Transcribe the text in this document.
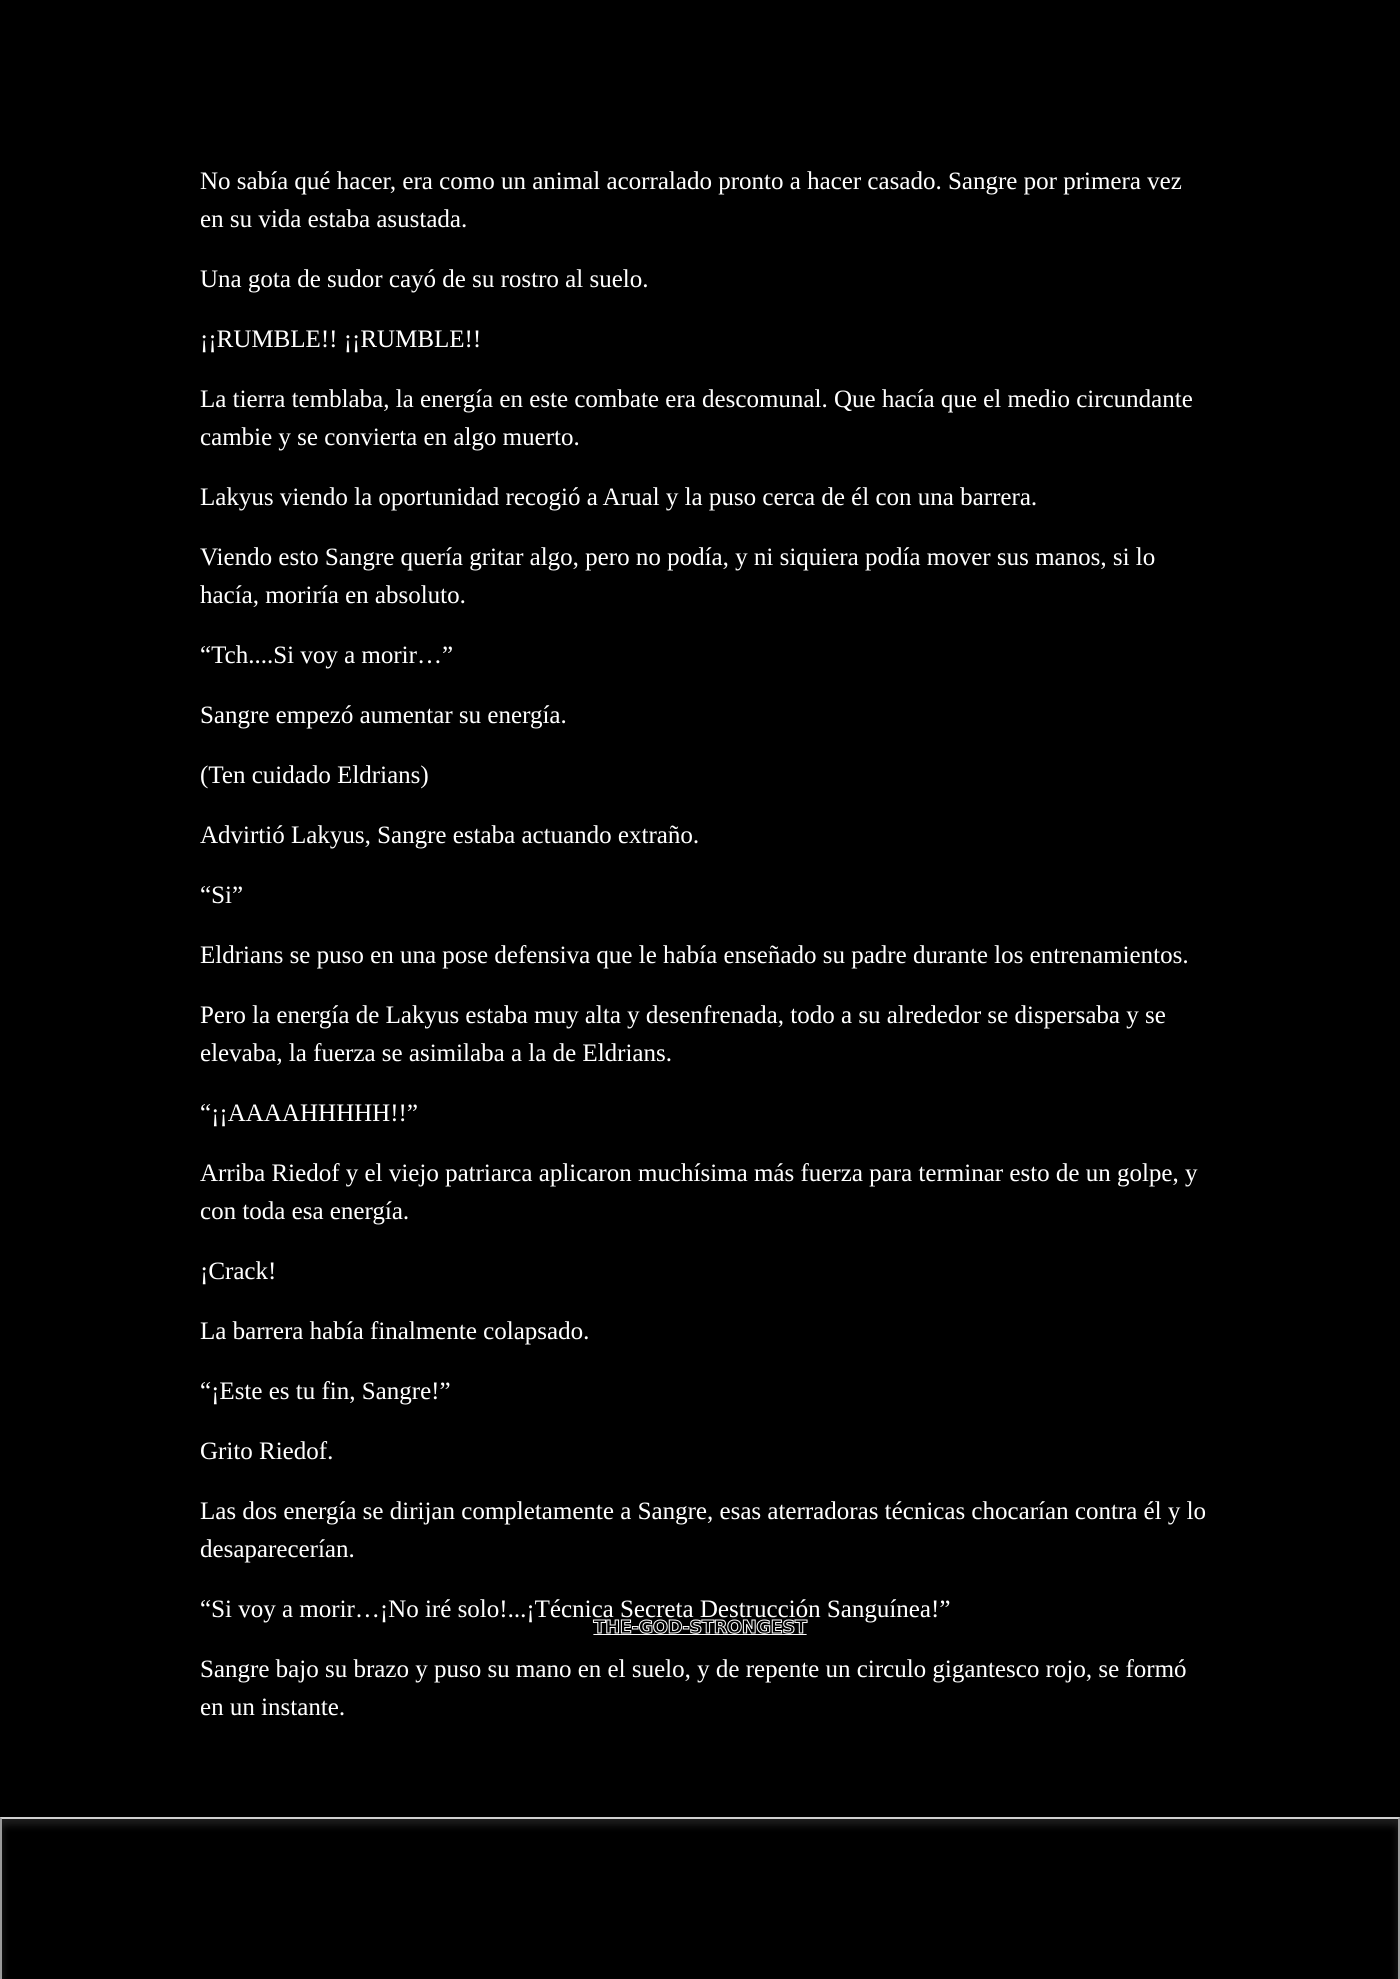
No sabía qué hacer, era como un animal acorralado pronto a hacer casado. Sangre por primera vez en su vida estaba asustada.

Una gota de sudor cayó de su rostro al suelo.

¡¡RUMBLE!! ¡¡RUMBLE!!

La tierra temblaba, la energía en este combate era descomunal. Que hacía que el medio circundante cambie y se convierta en algo muerto.

Lakyus viendo la oportunidad recogió a Arual y la puso cerca de él con una barrera.

Viendo esto Sangre quería gritar algo, pero no podía, y ni siquiera podía mover sus manos, si lo hacía, moriría en absoluto.

“Tch....Si voy a morir…”

Sangre empezó aumentar su energía.

(Ten cuidado Eldrians)

Advirtió Lakyus, Sangre estaba actuando extraño.

“Si”

Eldrians se puso en una pose defensiva que le había enseñado su padre durante los entrenamientos.

Pero la energía de Lakyus estaba muy alta y desenfrenada, todo a su alrededor se dispersaba y se elevaba, la fuerza se asimilaba a la de Eldrians.

“¡¡AAAAHHHHH!!”

Arriba Riedof y el viejo patriarca aplicaron muchísima más fuerza para terminar esto de un golpe, y con toda esa energía.

¡Crack!

La barrera había finalmente colapsado.

“¡Este es tu fin, Sangre!”

Grito Riedof.

Las dos energía se dirijan completamente a Sangre, esas aterradoras técnicas chocarían contra él y lo desaparecerían.

“Si voy a morir…¡No iré solo!...¡Técnica Secreta Destrucción Sanguínea!”

Sangre bajo su brazo y puso su mano en el suelo, y de repente un circulo gigantesco rojo, se formó en un instante.

THE-GOD-STRONGEST
